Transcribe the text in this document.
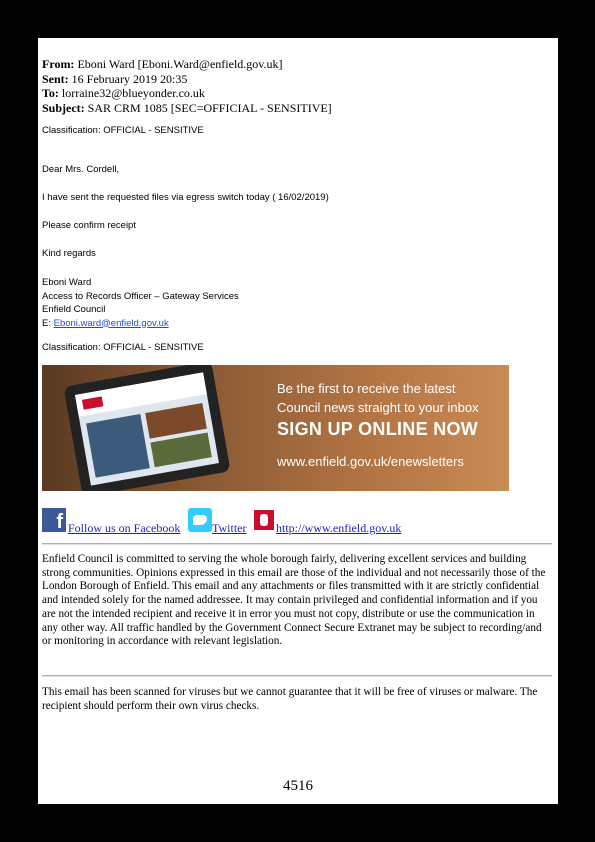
From: Eboni Ward [Eboni.Ward@enfield.gov.uk]
Sent: 16 February 2019 20:35
To: lorraine32@blueyonder.co.uk
Subject: SAR CRM 1085 [SEC=OFFICIAL - SENSITIVE]
Classification: OFFICIAL - SENSITIVE
Dear Mrs. Cordell,
I have sent the requested files via egress switch today ( 16/02/2019)
Please confirm receipt
Kind regards
Eboni Ward
Access to Records Officer – Gateway Services
Enfield Council
E: Eboni.ward@enfield.gov.uk
Classification: OFFICIAL - SENSITIVE
Be the first to receive the latest
Council news straight to your inbox
SIGN UP ONLINE NOW
www.enfield.gov.uk/enewsletters
f Follow us on Facebook	Twitter http://www.enfield.gov.uk
Enfield Council is committed to serving the whole borough fairly, delivering excellent services and building strong communities. Opinions expressed in this email are those of the individual and not necessarily those of the London Borough of Enfield. This email and any attachments or files transmitted with it are strictly confidential and intended solely for the named addressee. It may contain privileged and confidential information and if you are not the intended recipient and receive it in error you must not copy, distribute or use the communication in any other way. All traffic handled by the Government Connect Secure Extranet may be subject to recording/and or monitoring in accordance with relevant legislation.
This email has been scanned for viruses but we cannot guarantee that it will be free of viruses or malware. The recipient should perform their own virus checks.
4516
